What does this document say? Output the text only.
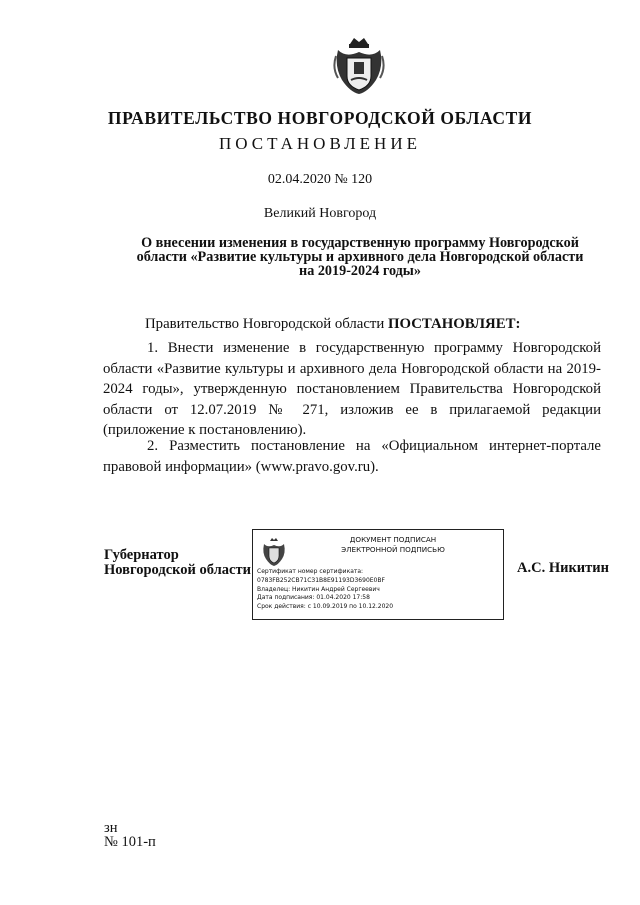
ПРАВИТЕЛЬСТВО НОВГОРОДСКОЙ ОБЛАСТИ
ПОСТАНОВЛЕНИЕ
02.04.2020 № 120
Великий Новгород
О внесении изменения в государственную программу Новгородской
области «Развитие культуры и архивного дела Новгородской области
на 2019-2024 годы»
Правительство Новгородской области ПОСТАНОВЛЯЕТ:
1. Внести изменение в государственную программу Новгородской области «Развитие культуры и архивного дела Новгородской области на 2019-2024 годы», утвержденную постановлением Правительства Новгородской области от 12.07.2019 № 271, изложив ее в прилагаемой редакции (приложение к постановлению).
2. Разместить постановление на «Официальном интернет-портале правовой информации» (www.pravo.gov.ru).
Губернатор
Новгородской области
ДОКУМЕНТ ПОДПИСАН
ЭЛЕКТРОННОЙ ПОДПИСЬЮ
Сертификат номер сертификата:
0783FB252CB71C31B8E91193D3690E0BF
Владелец: Никитин Андрей Сергеевич
Дата подписания: 01.04.2020 17:58
Срок действия: с 10.09.2019 по 10.12.2020
А.С. Никитин
зн
№ 101-п
